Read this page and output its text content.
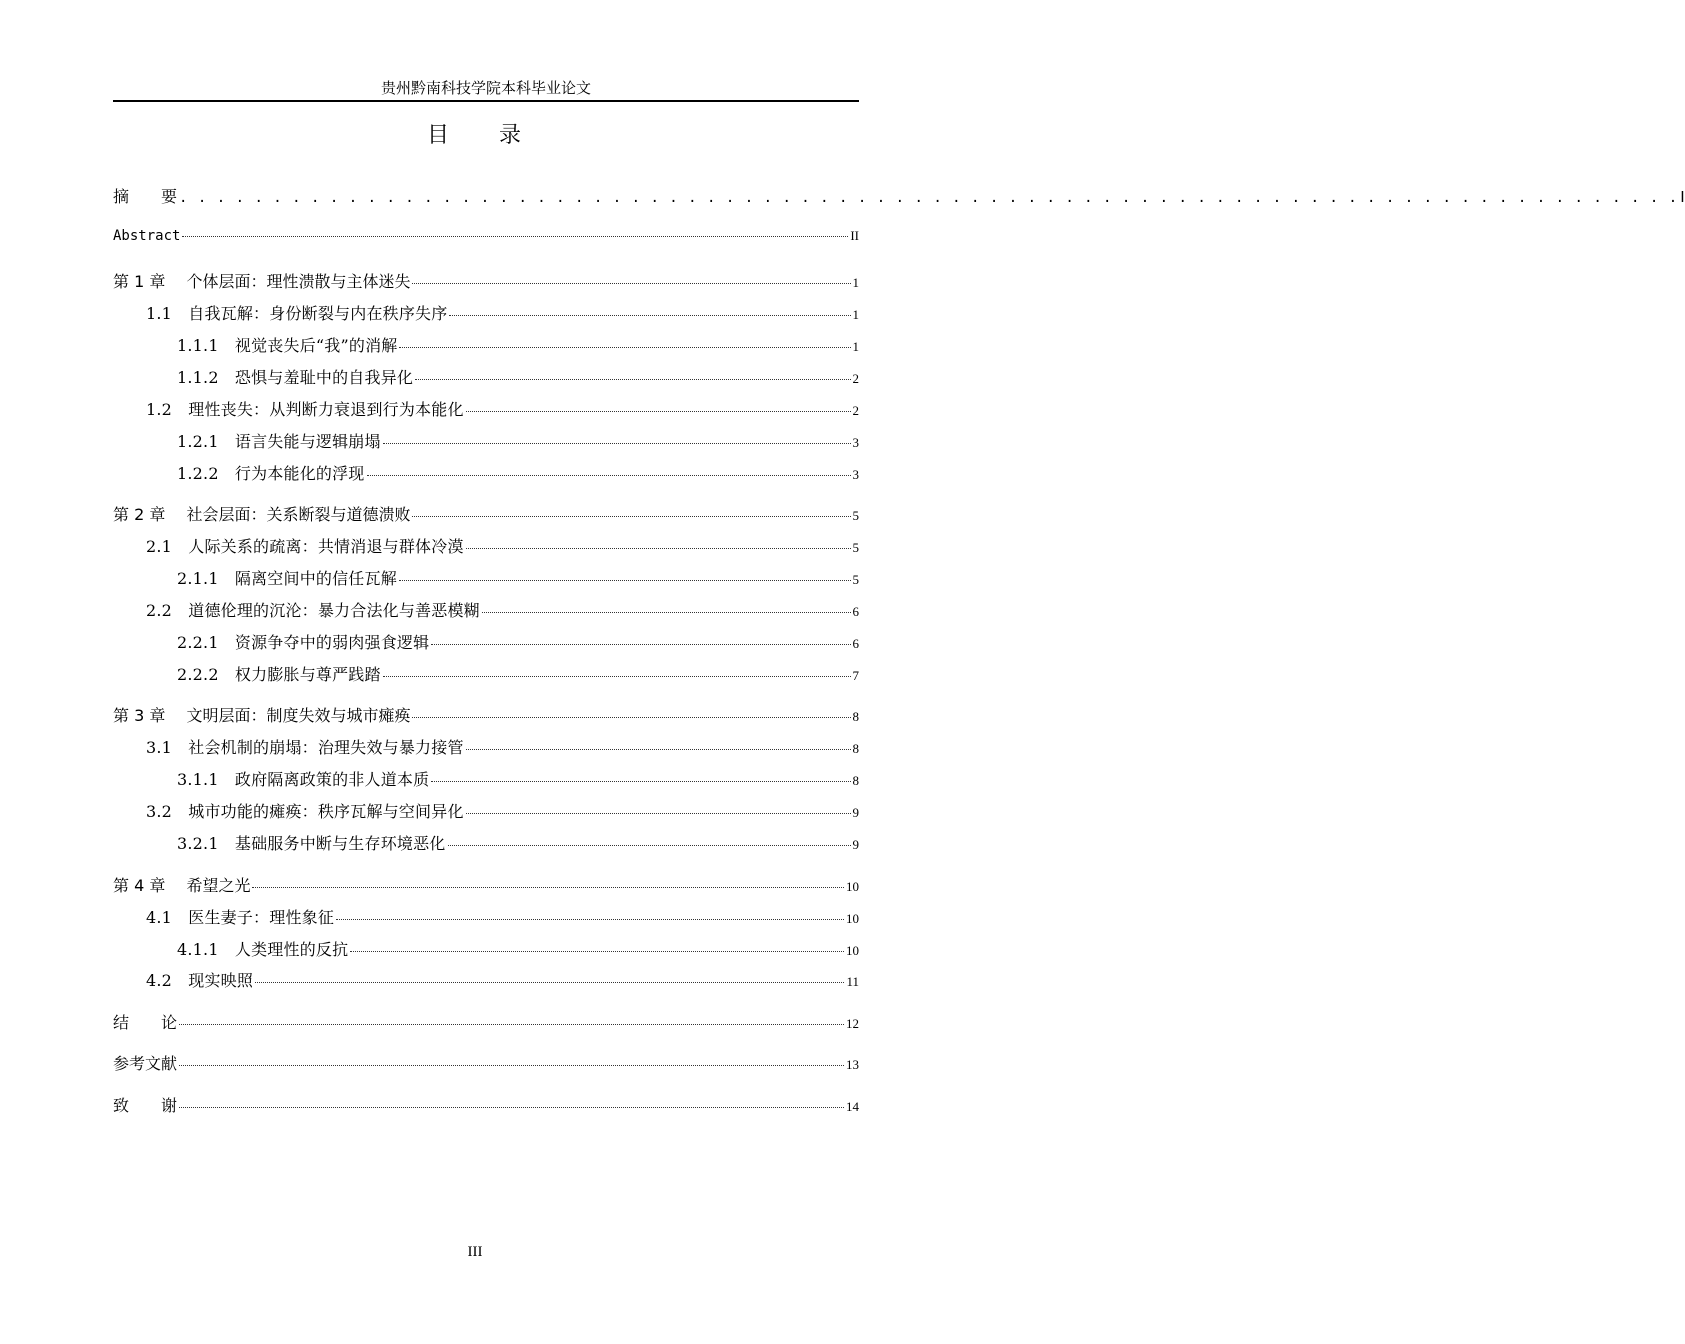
贵州黔南科技学院本科毕业论文
目　　录
摘　　要 . . . . . . . . . . . . . . . . . . . . . . . . . . . . . . . . . . . . . . . . . . . . . . . . . . . . . . . . . . . . . . . . . . . . . . . . . . . . . . . . I
Abstract	II
第 1 章　 个体层面：理性溃散与主体迷失	1
1.1　自我瓦解：身份断裂与内在秩序失序	1
1.1.1　视觉丧失后“我”的消解	1
1.1.2　恐惧与羞耻中的自我异化	2
1.2　理性丧失：从判断力衰退到行为本能化	2
1.2.1　语言失能与逻辑崩塌	3
1.2.2　行为本能化的浮现	3
第 2 章　 社会层面：关系断裂与道德溃败	5
2.1　人际关系的疏离：共情消退与群体冷漠	5
2.1.1　隔离空间中的信任瓦解	5
2.2　道德伦理的沉沦：暴力合法化与善恶模糊	6
2.2.1　资源争夺中的弱肉强食逻辑	6
2.2.2　权力膨胀与尊严践踏	7
第 3 章　 文明层面：制度失效与城市瘫痪	8
3.1　社会机制的崩塌：治理失效与暴力接管	8
3.1.1　政府隔离政策的非人道本质	8
3.2　城市功能的瘫痪：秩序瓦解与空间异化	9
3.2.1　基础服务中断与生存环境恶化	9
第 4 章　 希望之光	10
4.1　医生妻子：理性象征	10
4.1.1　人类理性的反抗	10
4.2　现实映照	11
结　　论	12
参考文献	13
致　　谢	14
III
